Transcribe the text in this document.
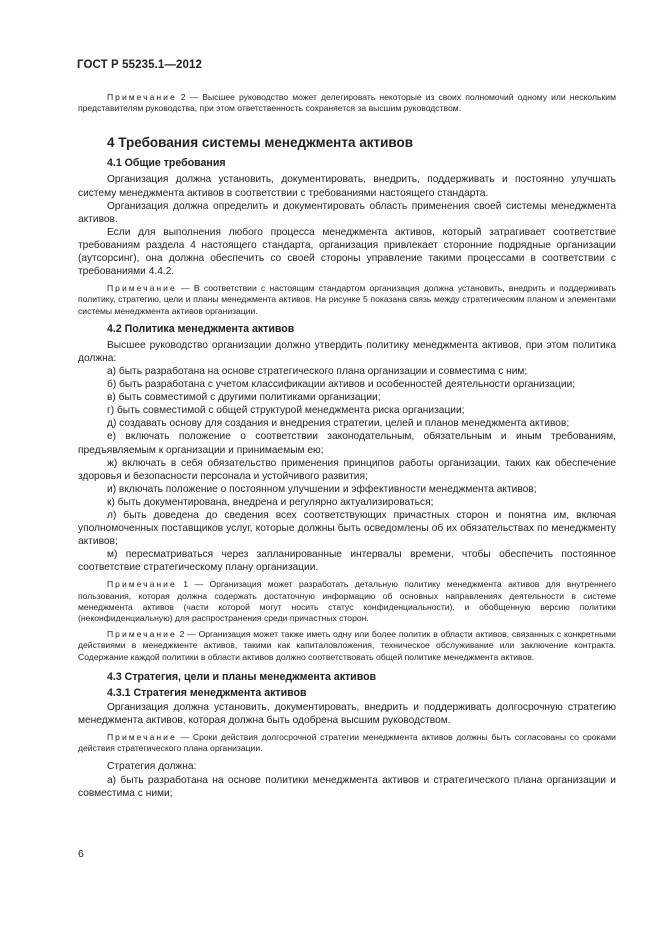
ГОСТ Р 55235.1—2012

Примечание 2 — Высшее руководство может делегировать некоторые из своих полномочий одному или нескольким представителям руководства, при этом ответственность сохраняется за высшим руководством.

4 Требования системы менеджмента активов
4.1 Общие требования

Организация должна установить, документировать, внедрить, поддерживать и постоянно улучшать систему менеджмента активов в соответствии с требованиями настоящего стандарта.

Организация должна определить и документировать область применения своей системы менеджмента активов.

Если для выполнения любого процесса менеджмента активов, который затрагивает соответствие требованиям раздела 4 настоящего стандарта, организация привлекает сторонние подрядные организации (аутсорсинг), она должна обеспечить со своей стороны управление такими процессами в соответствии с требованиями 4.4.2.

Примечание — В соответствии с настоящим стандартом организация должна установить, внедрить и поддерживать политику, стратегию, цели и планы менеджмента активов. На рисунке 5 показана связь между стратегическим планом и элементами системы менеджмента активов организации.

4.2 Политика менеджмента активов

Высшее руководство организации должно утвердить политику менеджмента активов, при этом политика должна:

а) быть разработана на основе стратегического плана организации и совместима с ним;

б) быть разработана с учетом классификации активов и особенностей деятельности организации;

в) быть совместимой с другими политиками организации;

г) быть совместимой с общей структурой менеджмента риска организации;

д) создавать основу для создания и внедрения стратегии, целей и планов менеджмента активов;

е) включать положение о соответствии законодательным, обязательным и иным требованиям, предъявляемым к организации и принимаемым ею;

ж) включать в себя обязательство применения принципов работы организации, таких как обеспечение здоровья и безопасности персонала и устойчивого развития;

и) включать положение о постоянном улучшении и эффективности менеджмента активов;

к) быть документирована, внедрена и регулярно актуализироваться;

л) быть доведена до сведения всех соответствующих причастных сторон и понятна им, включая уполномоченных поставщиков услуг, которые должны быть осведомлены об их обязательствах по менеджменту активов;

м) пересматриваться через запланированные интервалы времени, чтобы обеспечить постоянное соответствие стратегическому плану организации.

Примечание 1 — Организация может разработать детальную политику менеджмента активов для внутреннего пользования, которая должна содержать достаточную информацию об основных направлениях деятельности в системе менеджмента активов (части которой могут носить статус конфиденциальности), и обобщенную версию политики (неконфиденциальную) для распространения среди причастных сторон.

Примечание 2 — Организация может также иметь одну или более политик в области активов, связанных с конкретными действиями в менеджменте активов, такими как капиталовложения, техническое обслуживание или заключение контракта. Содержание каждой политики в области активов должно соответствовать общей политике менеджмента активов.

4.3 Стратегия, цели и планы менеджмента активов
4.3.1 Стратегия менеджмента активов

Организация должна установить, документировать, внедрить и поддерживать долгосрочную стратегию менеджмента активов, которая должна быть одобрена высшим руководством.

Примечание — Сроки действия долгосрочной стратегии менеджмента активов должны быть согласованы со сроками действия стратегического плана организации.

Стратегия должна:

а) быть разработана на основе политики менеджмента активов и стратегического плана организации и совместима с ними;

6
